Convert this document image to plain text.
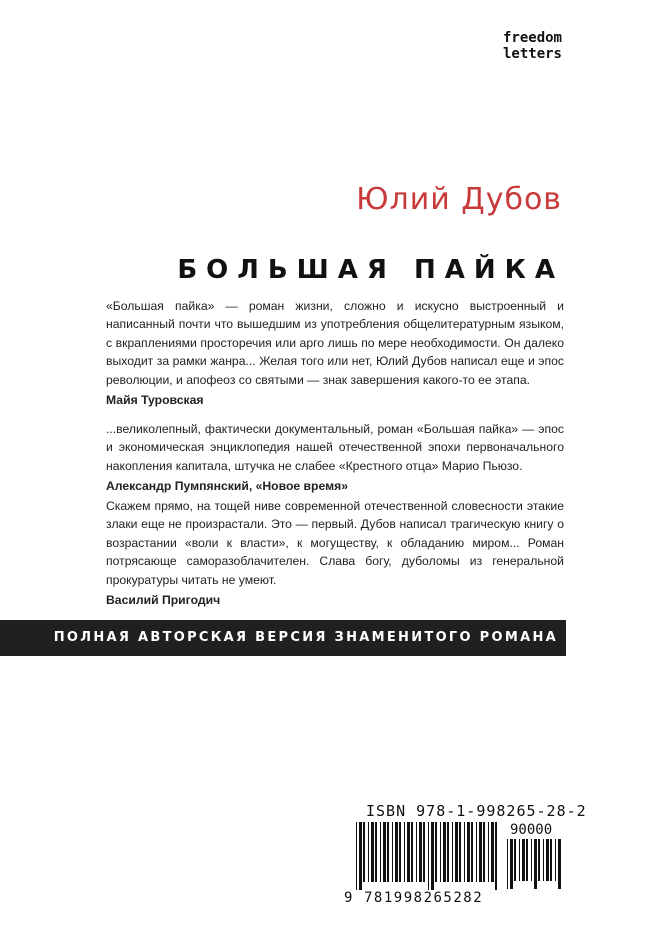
freedom
letters
Юлий Дубов
БОЛЬШАЯ ПАЙКА

«Большая пайка» — роман жизни, сложно и искусно выстроенный и написанный почти что вышедшим из употребления общелитературным языком, с вкраплениями просторечия или арго лишь по мере необходимости. Он далеко выходит за рамки жанра... Желая того или нет, Юлий Дубов написал еще и эпос революции, и апофеоз со святыми — знак завершения какого-то ее этапа.

Майя Туровская

...великолепный, фактически документальный, роман «Большая пайка» — эпос и экономическая энциклопедия нашей отечественной эпохи первоначального накопления капитала, штучка не слабее «Крестного отца» Марио Пьюзо.

Александр Пумпянский, «Новое время»

Скажем прямо, на тощей ниве современной отечественной словесности этакие злаки еще не произрастали. Это — первый. Дубов написал трагическую книгу о возрастании «воли к власти», к могуществу, к обладанию миром... Роман потрясающе саморазоблачителен. Слава богу, дуболомы из генеральной прокуратуры читать не умеют.

Василий Пригодич

ПОЛНАЯ АВТОРСКАЯ ВЕРСИЯ ЗНАМЕНИТОГО РОМАНА
ISBN 978-1-998265-28-2
90000
9 781998265282
